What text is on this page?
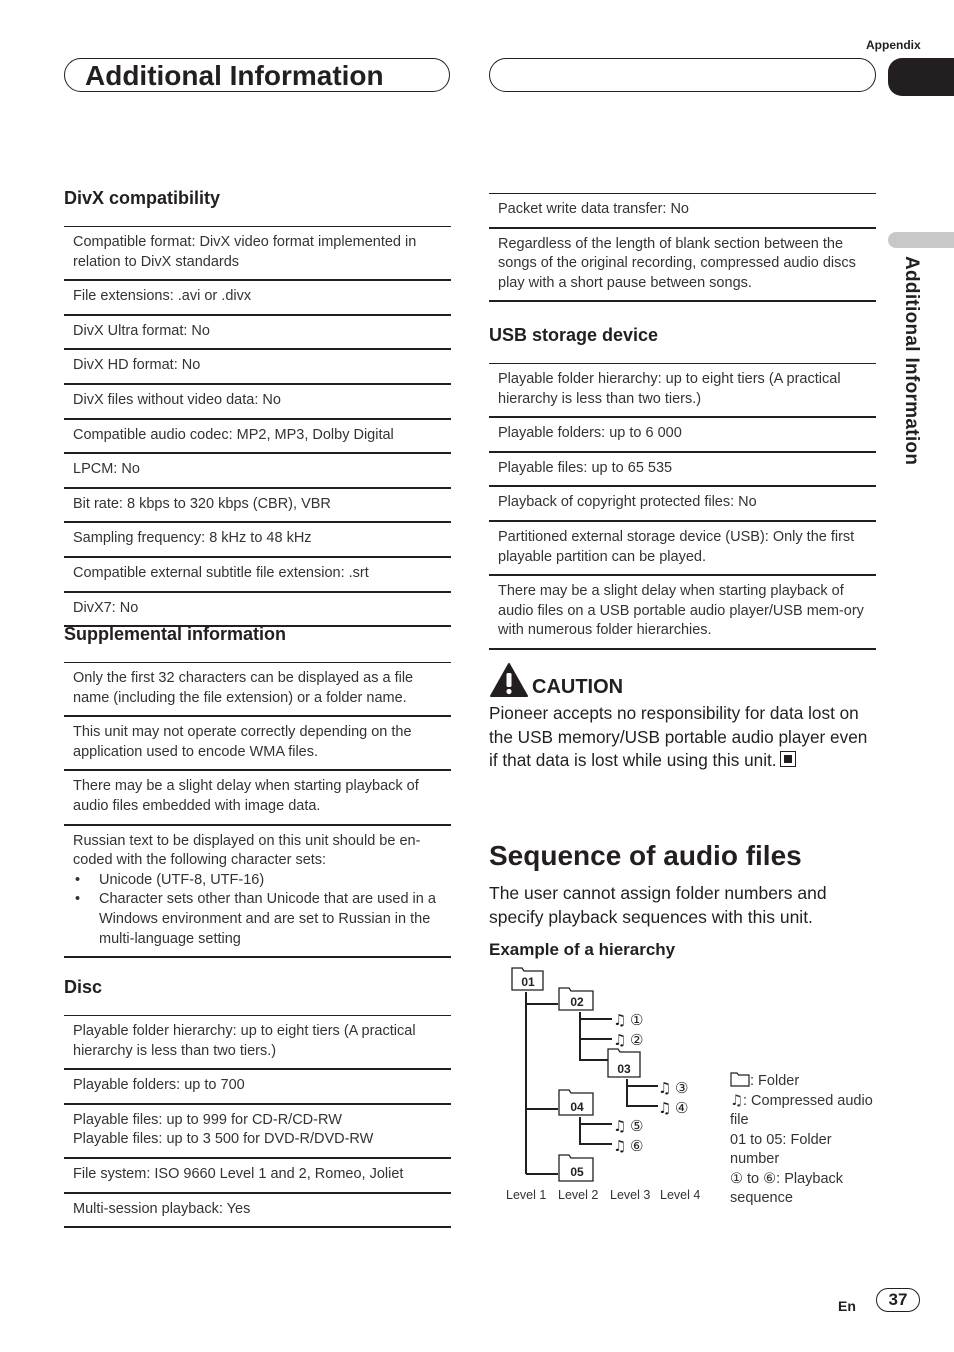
Appendix
Additional Information
Additional Information
DivX compatibility
Compatible format: DivX video format implemented in relation to DivX standards
File extensions: .avi or .divx
DivX Ultra format: No
DivX HD format: No
DivX files without video data: No
Compatible audio codec: MP2, MP3, Dolby Digital
LPCM: No
Bit rate: 8 kbps to 320 kbps (CBR), VBR
Sampling frequency: 8 kHz to 48 kHz
Compatible external subtitle file extension: .srt
DivX7: No
Supplemental information
Only the first 32 characters can be displayed as a file name (including the file extension) or a folder name.
This unit may not operate correctly depending on the application used to encode WMA files.
There may be a slight delay when starting playback of audio files embedded with image data.

Russian text to be displayed on this unit should be en-coded with the following character sets:
• Unicode (UTF-8, UTF-16)
• Character sets other than Unicode that are used in a Windows environment and are set to Russian in the multi-language setting
Disc
Playable folder hierarchy: up to eight tiers (A practical hierarchy is less than two tiers.)
Playable folders: up to 700

Playable files: up to 999 for CD-R/CD-RW
Playable files: up to 3 500 for DVD-R/DVD-RW

File system: ISO 9660 Level 1 and 2, Romeo, Joliet
Multi-session playback: Yes
Packet write data transfer: No
Regardless of the length of blank section between the songs of the original recording, compressed audio discs play with a short pause between songs.
USB storage device
Playable folder hierarchy: up to eight tiers (A practical hierarchy is less than two tiers.)
Playable folders: up to 6 000
Playable files: up to 65 535
Playback of copyright protected files: No
Partitioned external storage device (USB): Only the first playable partition can be played.
There may be a slight delay when starting playback of audio files on a USB portable audio player/USB mem-ory with numerous folder hierarchies.
CAUTION
Pioneer accepts no responsibility for data lost on the USB memory/USB portable audio player even if that data is lost while using this unit.
Sequence of audio files
The user cannot assign folder numbers and specify playback sequences with this unit.
Example of a hierarchy
01
02
03
04
05
♫ ①
♫ ②
♫ ③
♫ ④
♫ ⑤
♫ ⑥
Level 1 Level 2 Level 3 Level 4
: Folder
♫: Compressed audio file
01 to 05: Folder number
① to ⑥: Playback sequence
En	37
